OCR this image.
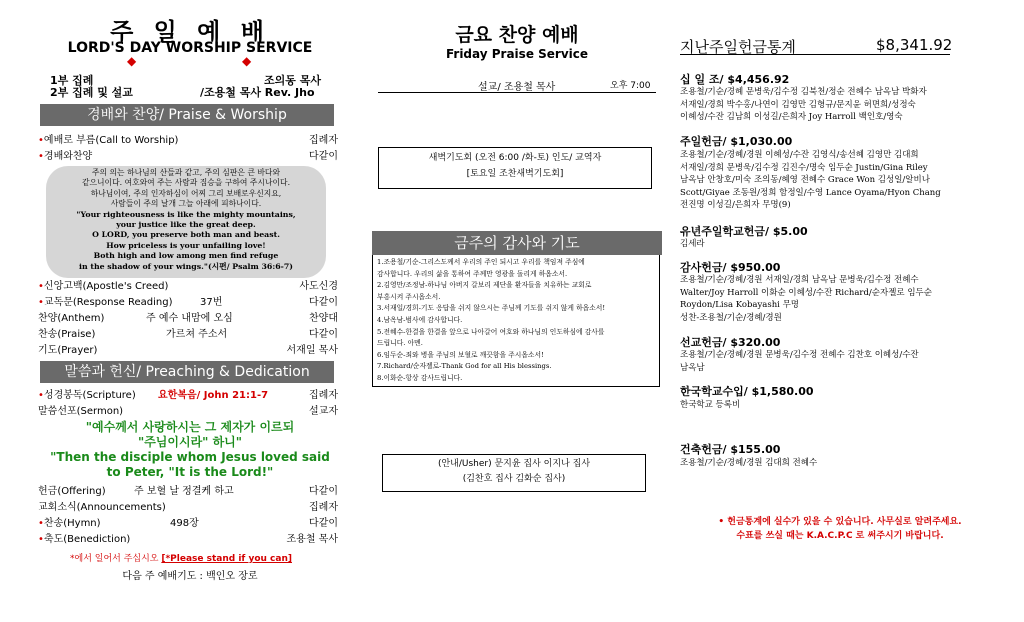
주 일 예 배
LORD'S DAY WORSHIP SERVICE
◆	◆
1부 집례	조의동 목사
2부 집례 및 설교	/조용철 목사 Rev. Jho
경배와 찬양/ Praise & Worship
•예배로 부름(Call to Worship)	집례자
•경배와찬양	다같이
주의 의는 하나님의 산들과 같고, 주의 심판은 큰 바다와
같으니이다. 여호와여 주는 사람과 짐승을 구하여 주시나이다.
하나님이여, 주의 인자하심이 어찌 그리 보배로우신지요,
사람들이 주의 날개 그늘 아래에 피하나이다.
"Your righteousness is like the mighty mountains,
your justice like the great deep.
O LORD, you preserve both man and beast.
How priceless is your unfailing love!
Both high and low among men find refuge
in the shadow of your wings."(시편/ Psalm 36:6-7)
•신앙고백(Apostle's Creed)	사도신경
•교독문(Response Reading)	37번	다같이
찬양(Anthem)	주 예수 내맘에 오심	찬양대
찬송(Praise)	가르쳐 주소서	다같이
기도(Prayer)	서재일 목사
말씀과 헌신/ Preaching & Dedication
•성경봉독(Scripture) 요한복음/ John 21:1-7	집례자
말씀선포(Sermon)	설교자
"예수께서 사랑하시는 그 제자가 이르되
"주님이시라" 하니"
"Then the disciple whom Jesus loved said
to Peter, "It is the Lord!"
헌금(Offering)	주 보혈 날 정결케 하고	다같이
교회소식(Announcements)	집례자
•찬송(Hymn)	498장	다같이
•축도(Benediction)	조용철 목사
*에서 일어서 주십시오 [*Please stand if you can]
다음 주 예배기도 : 백인오 장로
금요 찬양 예배
Friday Praise Service
설교/ 조용철 목사	오후 7:00
새벽기도회 (오전 6:00 /화-토) 인도/ 교역자
[토요일 조찬새벽기도회]
금주의 감사와 기도
1.조용철/기순-그리스도께서 우리의 주인 되시고 우리를 책임져 주심에
감사합니다. 우리의 삶을 통하여 주께만 영광을 돌리게 하옵소서.
2.김영만/조정남-하나님 아버지 갈보리 제단을 환자들을 치유하는 교회로
부흥시켜 주시옵소서.
3.서재일/경희-기도 응답을 쉬지 않으시는 주님께 기도를 쉬지 않게 하옵소서!
4.남옥남-범사에 감사합니다.
5.전혜수-한결을 한결을 앞으로 나아갈어 여호와 하나님의 인도하심에 감사를
드립니다. 아멘.
6.임두순-죄와 병을 주님의 보혈로 깨끗함을 주시옵소서!
7.Richard/순자젤로-Thank God for all His blessings.
8.이화순-항상 감사드립니다.
(안내/Usher) 문지윤 집사 이지나 집사
(김찬호 집사 김화순 집사)
지난주일헌금통계	$8,341.92
십 일 조/ $4,456.92
조용철/기순/경혜 문병욱/김수정 김북천/정순 전혜수 남옥남 박화자
서재일/경희 박수홍/나연이 김영만 김형규/문지윤 허면희/성정숙
이혜성/수잔 김남희 이성길/은희자 Joy Harroll 백인호/영숙
주일헌금/ $1,030.00
조용철/기순/경혜/경원 이혜성/수잔 김영식/송선혜 김영만 김대희
서재일/경희 문병욱/김수정 김진수/명숙 임두순 Justin/Gina Riley
남옥남 안창호/미숙 조의동/혜영 전혜수 Grace Won 김성일/알비나
Scott/Giyae 조동원/정희 함정일/수영 Lance Oyama/Hyon Chang
전진명 이성길/은희자 무명(9)
유년주일학교헌금/ $5.00
김세라
감사헌금/ $950.00
조용철/기순/경혜/경원 서재일/경희 남옥남 문병욱/김수정 전혜수
Walter/Joy Harroll 이화순 이혜성/수잔 Richard/순자젤로 임두순
Roydon/Lisa Kobayashi 무명
성찬-조용철/기순/경혜/경원
선교헌금/ $320.00
조용철/기순/경혜/경원 문병욱/김수정 전혜수 김찬호 이혜성/수잔
남옥남
한국학교수입/ $1,580.00
한국학교 등록비
건축헌금/ $155.00
조용철/기순/경혜/경원 김대희 전혜수
• 헌금통계에 실수가 있을 수 있습니다. 사무실로 알려주세요.
수표를 쓰실 때는 K.A.C.P.C 로 써주시기 바랍니다.
